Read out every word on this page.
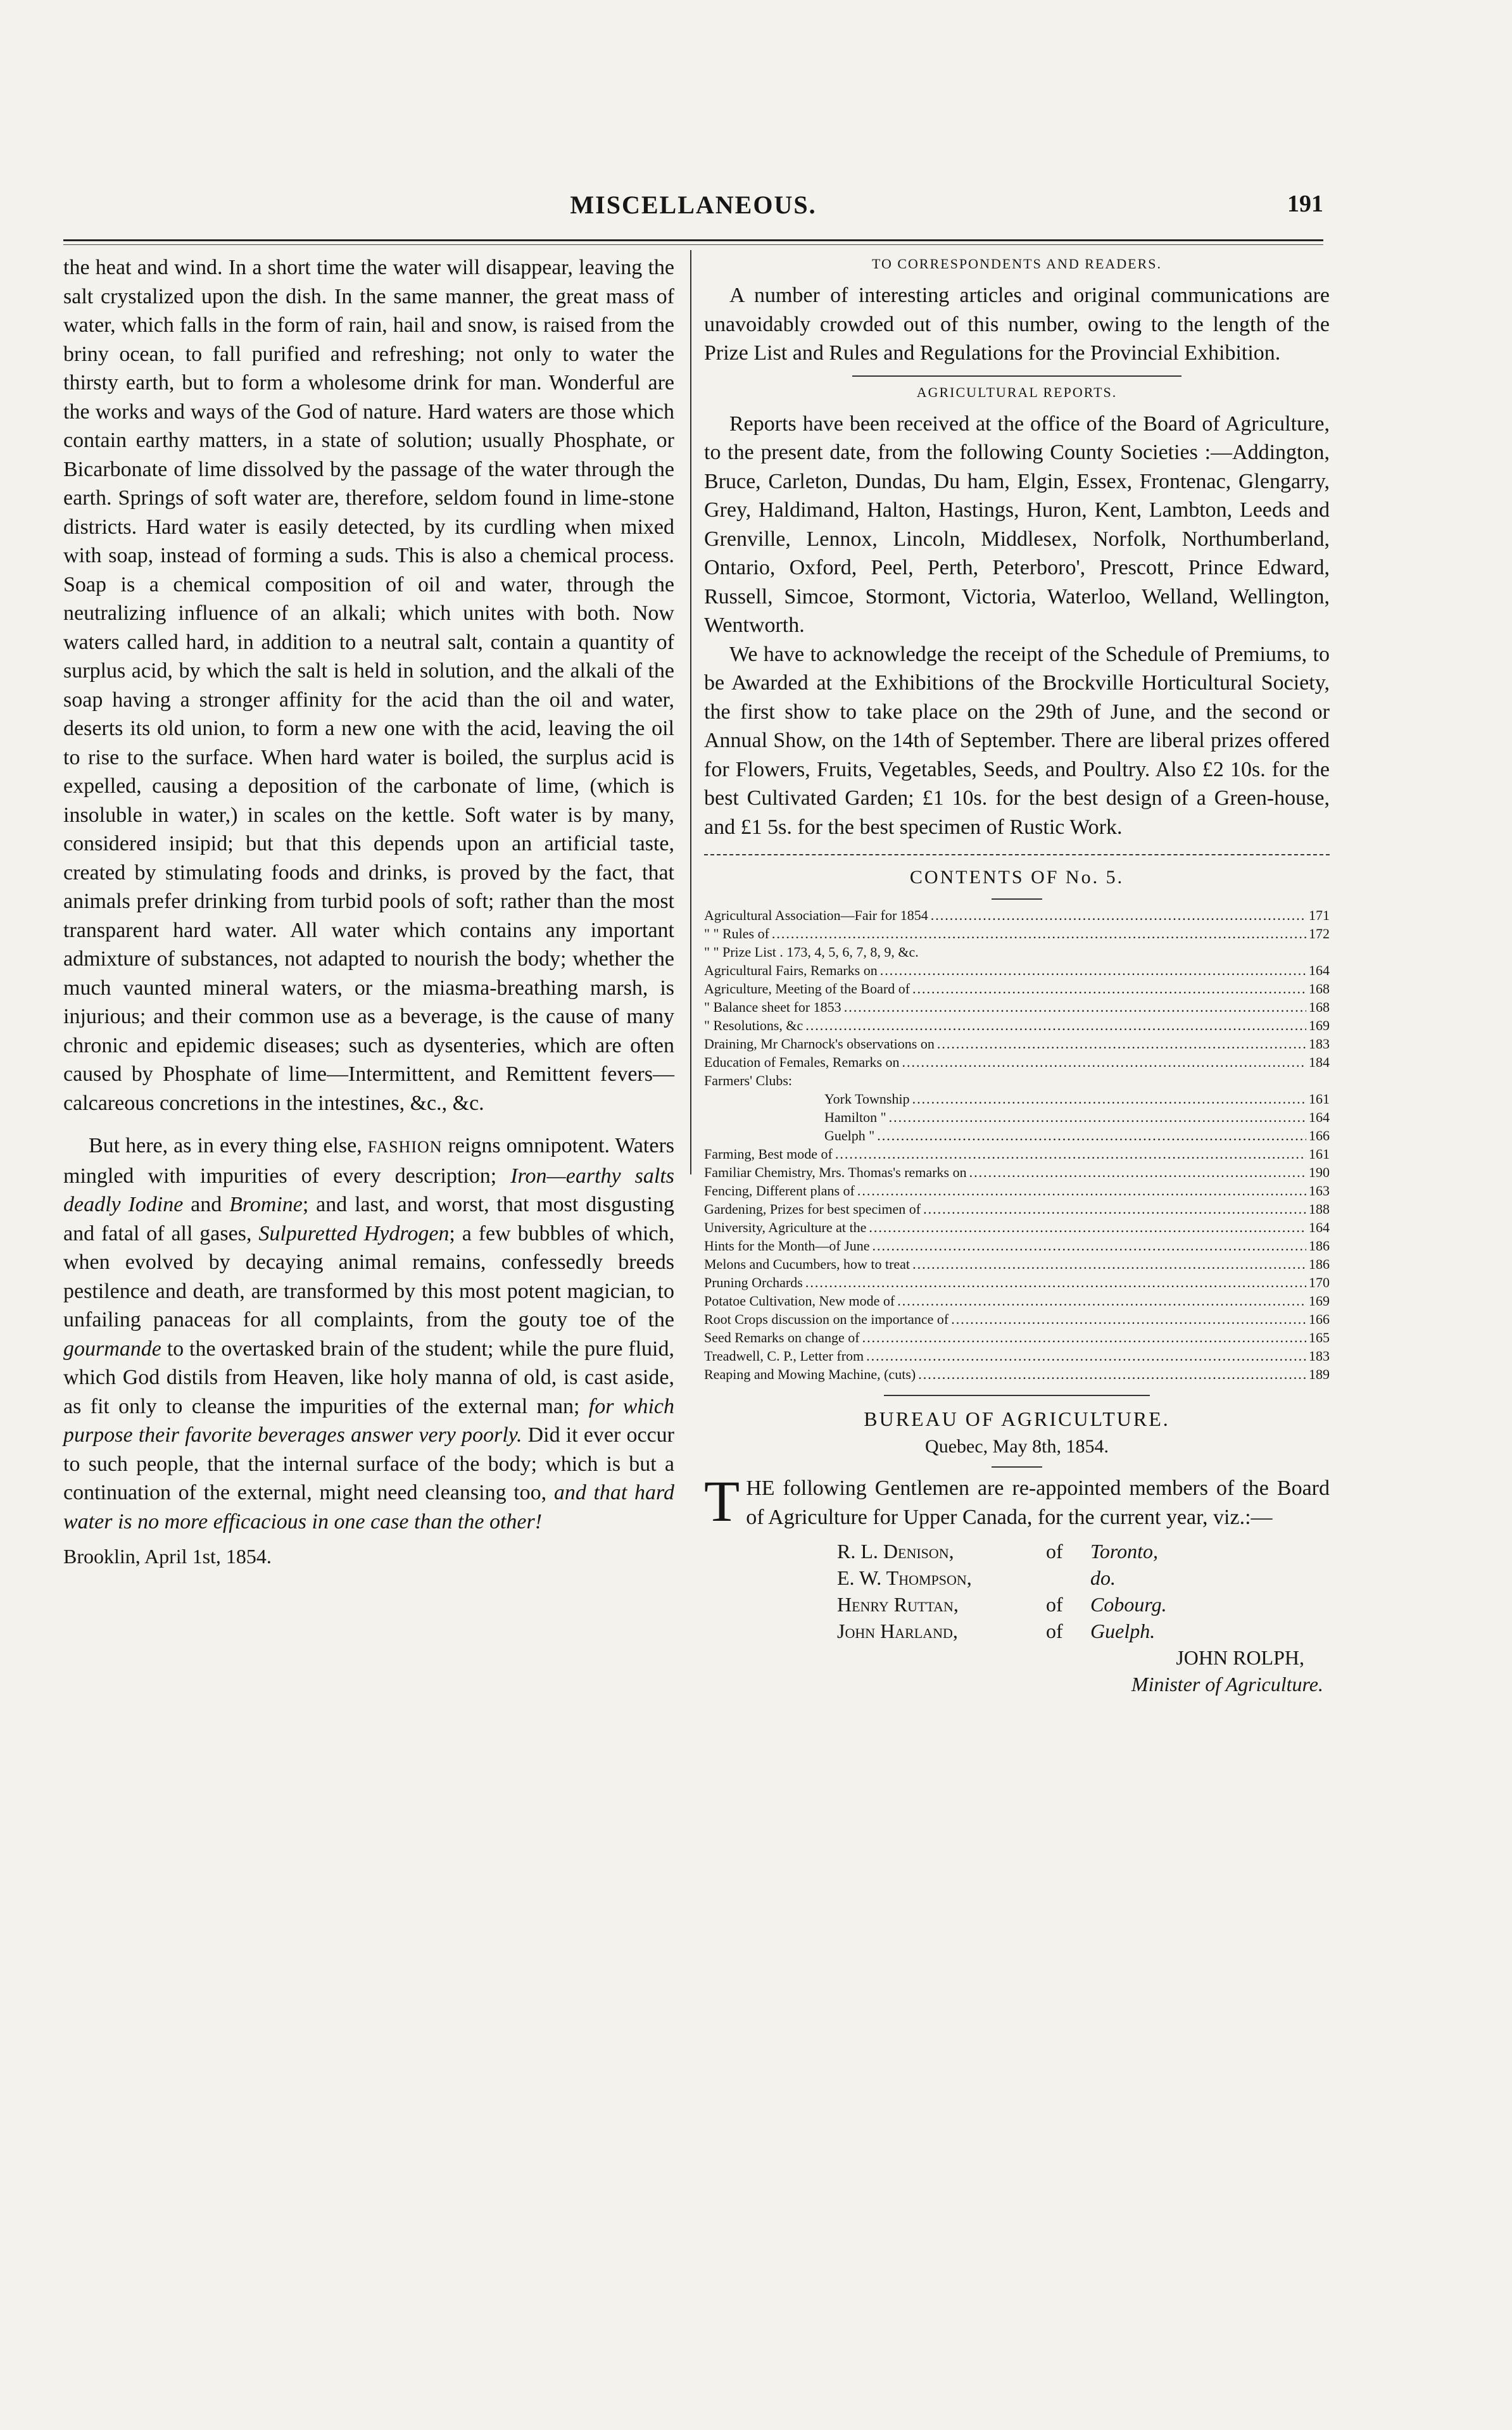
MISCELLANEOUS.	191

the heat and wind. In a short time the water will disappear, leaving the salt crystalized upon the dish. In the same manner, the great mass of water, which falls in the form of rain, hail and snow, is raised from the briny ocean, to fall purified and refreshing; not only to water the thirsty earth, but to form a wholesome drink for man. Wonderful are the works and ways of the God of nature. Hard waters are those which contain earthy matters, in a state of solution; usually Phosphate, or Bicarbonate of lime dissolved by the passage of the water through the earth. Springs of soft water are, therefore, seldom found in lime-stone districts. Hard water is easily detected, by its curdling when mixed with soap, instead of forming a suds. This is also a chemical process. Soap is a chemical composition of oil and water, through the neutralizing influence of an alkali; which unites with both. Now waters called hard, in addition to a neutral salt, contain a quantity of surplus acid, by which the salt is held in solution, and the alkali of the soap having a stronger affinity for the acid than the oil and water, deserts its old union, to form a new one with the acid, leaving the oil to rise to the surface. When hard water is boiled, the surplus acid is expelled, causing a deposition of the carbonate of lime, (which is insoluble in water,) in scales on the kettle. Soft water is by many, considered insipid; but that this depends upon an artificial taste, created by stimulating foods and drinks, is proved by the fact, that animals prefer drinking from turbid pools of soft; rather than the most transparent hard water. All water which contains any important admixture of substances, not adapted to nourish the body; whether the much vaunted mineral waters, or the miasma-breathing marsh, is injurious; and their common use as a beverage, is the cause of many chronic and epidemic diseases; such as dysenteries, which are often caused by Phosphate of lime—Intermittent, and Remittent fevers—calcareous concretions in the intestines, &c., &c.

But here, as in every thing else, FASHION reigns omnipotent. Waters mingled with impurities of every description; Iron—earthy salts deadly Iodine and Bromine; and last, and worst, that most disgusting and fatal of all gases, Sulpuretted Hydrogen; a few bubbles of which, when evolved by decaying animal remains, confessedly breeds pestilence and death, are transformed by this most potent magician, to unfailing panaceas for all complaints, from the gouty toe of the gourmande to the overtasked brain of the student; while the pure fluid, which God distils from Heaven, like holy manna of old, is cast aside, as fit only to cleanse the impurities of the external man; for which purpose their favorite beverages answer very poorly. Did it ever occur to such people, that the internal surface of the body; which is but a continuation of the external, might need cleansing too, and that hard water is no more efficacious in one case than the other!

Brooklin, April 1st, 1854.

TO CORRESPONDENTS AND READERS.

A number of interesting articles and original communications are unavoidably crowded out of this number, owing to the length of the Prize List and Rules and Regulations for the Provincial Exhibition.

AGRICULTURAL REPORTS.

Reports have been received at the office of the Board of Agriculture, to the present date, from the following County Societies :—Addington, Bruce, Carleton, Dundas, Du ham, Elgin, Essex, Frontenac, Glengarry, Grey, Haldimand, Halton, Hastings, Huron, Kent, Lambton, Leeds and Grenville, Lennox, Lincoln, Middlesex, Norfolk, Northumberland, Ontario, Oxford, Peel, Perth, Peterboro', Prescott, Prince Edward, Russell, Simcoe, Stormont, Victoria, Waterloo, Welland, Wellington, Wentworth.

We have to acknowledge the receipt of the Schedule of Premiums, to be Awarded at the Exhibitions of the Brockville Horticultural Society, the first show to take place on the 29th of June, and the second or Annual Show, on the 14th of September. There are liberal prizes offered for Flowers, Fruits, Vegetables, Seeds, and Poultry. Also £2 10s. for the best Cultivated Garden; £1 10s. for the best design of a Green-house, and £1 5s. for the best specimen of Rustic Work.

CONTENTS OF No. 5.
Agricultural Association—Fair for 1854 .....	171
" " Rules of .....	172
" " Prize List . 173, 4, 5, 6, 7, 8, 9, &c.
Agricultural Fairs, Remarks on .....	164
Agriculture, Meeting of the Board of .....	168
" Balance sheet for 1853 .....	168
" Resolutions, &c .....	169
Draining, Mr Charnock's observations on .....	183
Education of Females, Remarks on .....	184
Farmers' Clubs:
York Township .....	161
Hamilton " .....	164
Guelph " .....	166
Farming, Best mode of .....	161
Familiar Chemistry, Mrs. Thomas's remarks on .....	190
Fencing, Different plans of .....	163
Gardening, Prizes for best specimen of .....	188
University, Agriculture at the .....	164
Hints for the Month—of June .....	186
Melons and Cucumbers, how to treat .....	186
Pruning Orchards .....	170
Potatoe Cultivation, New mode of .....	169
Root Crops discussion on the importance of .....	166
Seed Remarks on change of .....	165
Treadwell, C. P., Letter from .....	183
Reaping and Mowing Machine, (cuts) .....	189
BUREAU OF AGRICULTURE.
Quebec, May 8th, 1854.

THE following Gentlemen are re-appointed members of the Board of Agriculture for Upper Canada, for the current year, viz.:—

R. L. Denison,	of	Toronto,
E. W. Thompson,	do.
Henry Ruttan,	of	Cobourg.
John Harland,	of	Guelph.
JOHN ROLPH,
Minister of Agriculture.
